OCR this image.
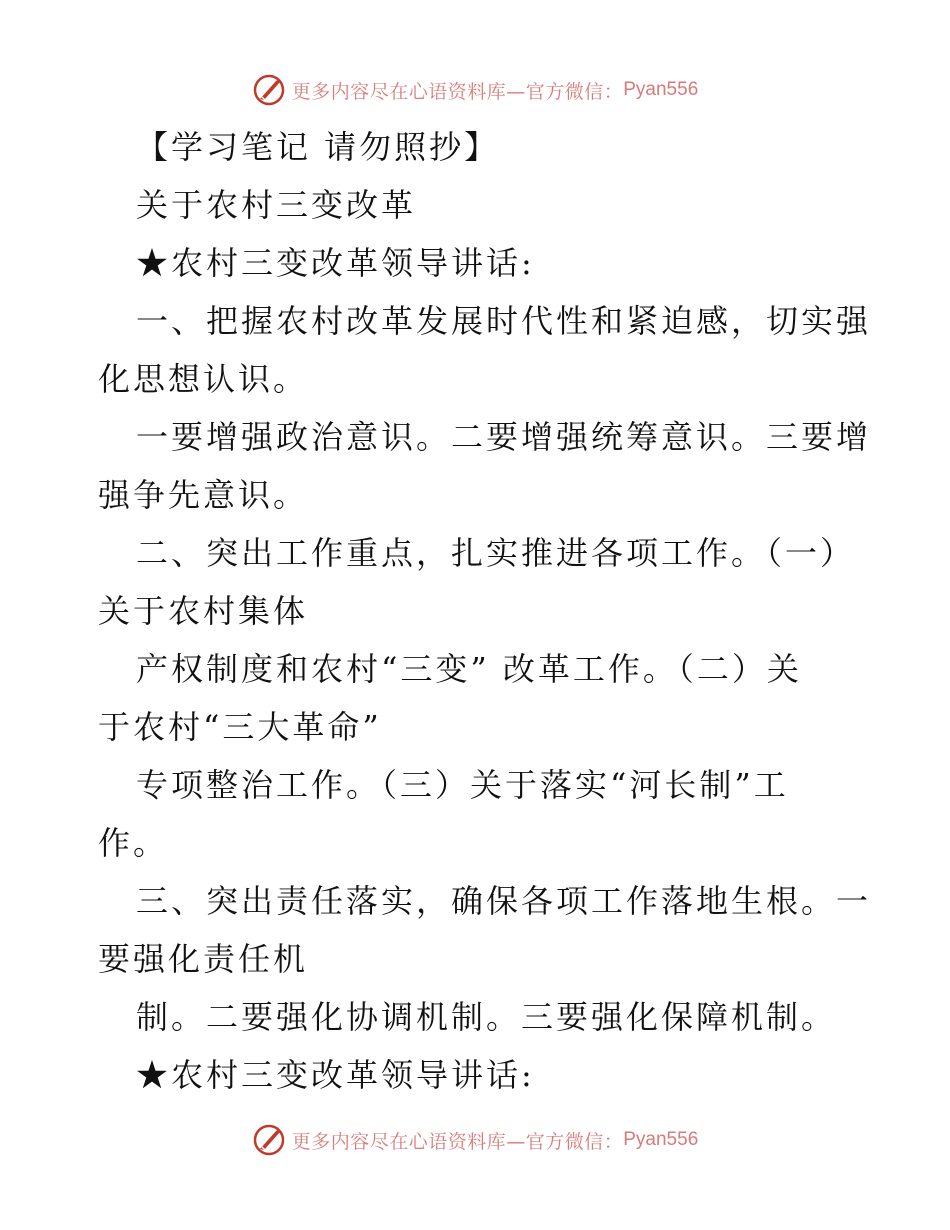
更多内容尽在心语资料库—官方微信： Pyan556
【学习笔记 请勿照抄】
关于农村三变改革
★农村三变改革领导讲话:
一、把握农村改革发展时代性和紧迫感，切实强
化思想认识。
一要增强政治意识。二要增强统筹意识。三要增
强争先意识。
二、突出工作重点，扎实推进各项工作。（一）
关于农村集体
产权制度和农村“三变” 改革工作。（二）关
于农村“三大革命”
专项整治工作。（三）关于落实“河长制”工
作。
三、突出责任落实，确保各项工作落地生根。一
要强化责任机
制。二要强化协调机制。三要强化保障机制。
★农村三变改革领导讲话:
更多内容尽在心语资料库—官方微信： Pyan556
